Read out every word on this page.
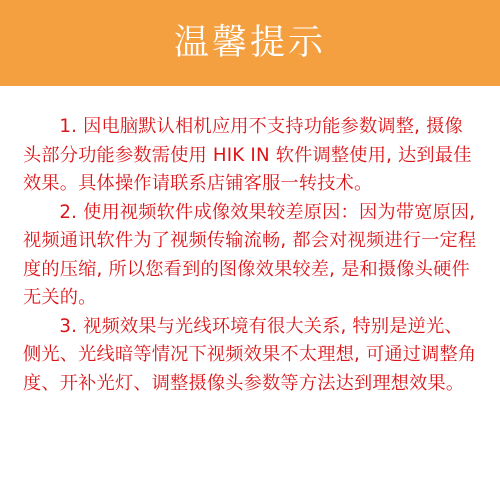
温馨提示

1. 因电脑默认相机应用不支持功能参数调整, 摄像头部分功能参数需使用 HIK IN 软件调整使用, 达到最佳效果。具体操作请联系店铺客服一转技术。

2. 使用视频软件成像效果较差原因：因为带宽原因, 视频通讯软件为了视频传输流畅, 都会对视频进行一定程度的压缩, 所以您看到的图像效果较差, 是和摄像头硬件无关的。

3. 视频效果与光线环境有很大关系, 特别是逆光、侧光、光线暗等情况下视频效果不太理想, 可通过调整角度、开补光灯、调整摄像头参数等方法达到理想效果。
